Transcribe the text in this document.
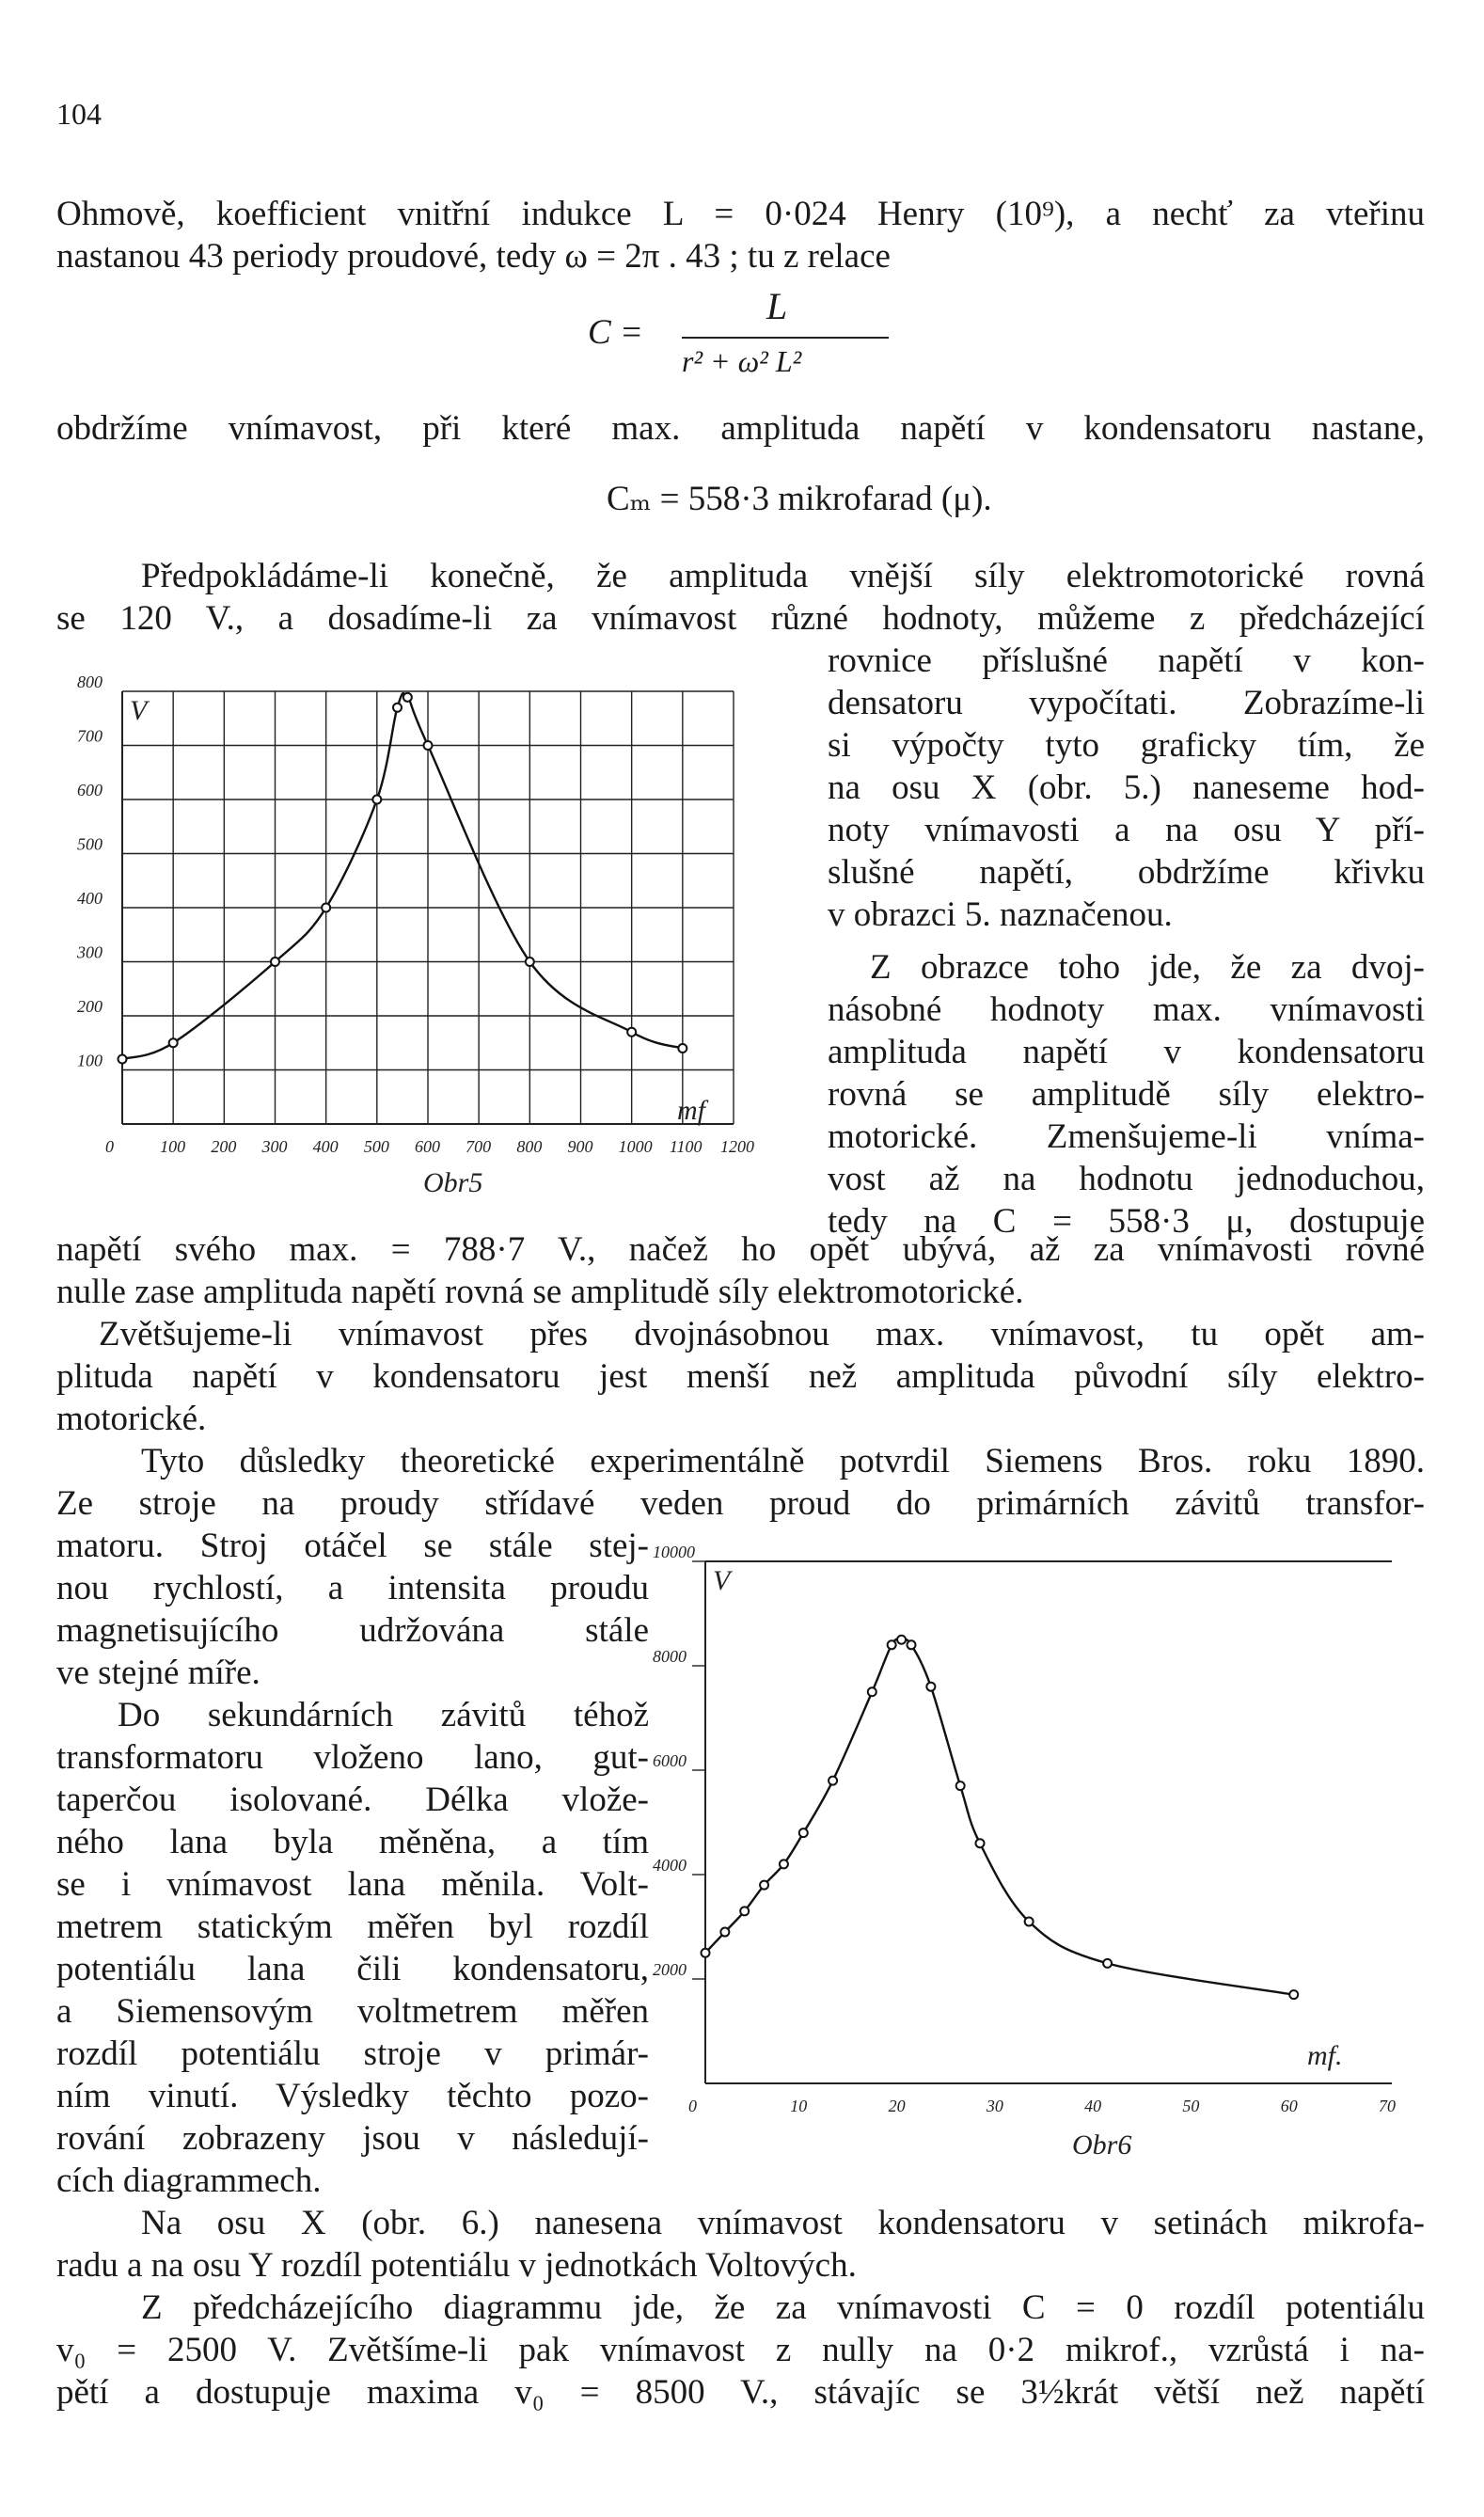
104

Ohmově, koefficient vnitřní indukce L = 0·024 Henry (10⁹), a nechť za vteřinu

nastanou 43 periody proudové, tedy ω = 2π . 43 ; tu z relace

C =
L
r² + ω² L²

obdržíme vnímavost, při které max. amplituda napětí v kondensatoru nastane,

Cₘ = 558·3 mikrofarad (μ).

Předpokládáme-li konečně, že amplituda vnější síly elektromotorické rovná

se 120 V., a dosadíme-li za vnímavost různé hodnoty, můžeme z předcházející

rovnice příslušné napětí v kon-

densatoru vypočítati. Zobrazíme-li

si výpočty tyto graficky tím, že

na osu X (obr. 5.) naneseme hod-

noty vnímavosti a na osu Y pří-

slušné napětí, obdržíme křivku

v obrazci 5. naznačenou.

Z obrazce toho jde, že za dvoj-

násobné hodnoty max. vnímavosti

amplituda napětí v kondensatoru

rovná se amplitudě síly elektro-

motorické. Zmenšujeme-li vníma-

vost až na hodnotu jednoduchou,

tedy na C = 558·3 μ, dostupuje

100 200 300 400 500 600 700 800 900 1000 1100 1200
100
200
300
400
500
600
700
800
0
V
mf
Obr5

napětí svého max. = 788·7 V., načež ho opět ubývá, až za vnímavosti rovné

nulle zase amplituda napětí rovná se amplitudě síly elektromotorické.

Zvětšujeme-li vnímavost přes dvojnásobnou max. vnímavost, tu opět am-

plituda napětí v kondensatoru jest menší než amplituda původní síly elektro-

motorické.

Tyto důsledky theoretické experimentálně potvrdil Siemens Bros. roku 1890.

Ze stroje na proudy střídavé veden proud do primárních závitů transfor-

matoru. Stroj otáčel se stále stej-

nou rychlostí, a intensita proudu

magnetisujícího udržována stále

ve stejné míře.

Do sekundárních závitů téhož

transformatoru vloženo lano, gut-

taperčou isolované. Délka vlože-

ného lana byla měněna, a tím

se i vnímavost lana měnila. Volt-

metrem statickým měřen byl rozdíl

potentiálu lana čili kondensatoru,

a Siemensovým voltmetrem měřen

rozdíl potentiálu stroje v primár-

ním vinutí. Výsledky těchto pozo-

rování zobrazeny jsou v následují-

cích diagrammech.

10	20	30	40	50	60	70
2000
4000
6000
8000
10000
0
V
mf.
Obr6

Na osu X (obr. 6.) nanesena vnímavost kondensatoru v setinách mikrofa-

radu a na osu Y rozdíl potentiálu v jednotkách Voltových.

Z předcházejícího diagrammu jde, že za vnímavosti C = 0 rozdíl potentiálu

v₀ = 2500 V. Zvětšíme-li pak vnímavost z nully na 0·2 mikrof., vzrůstá i na-

pětí a dostupuje maxima v₀ = 8500 V., stávajíc se 3½krát větší než napětí
